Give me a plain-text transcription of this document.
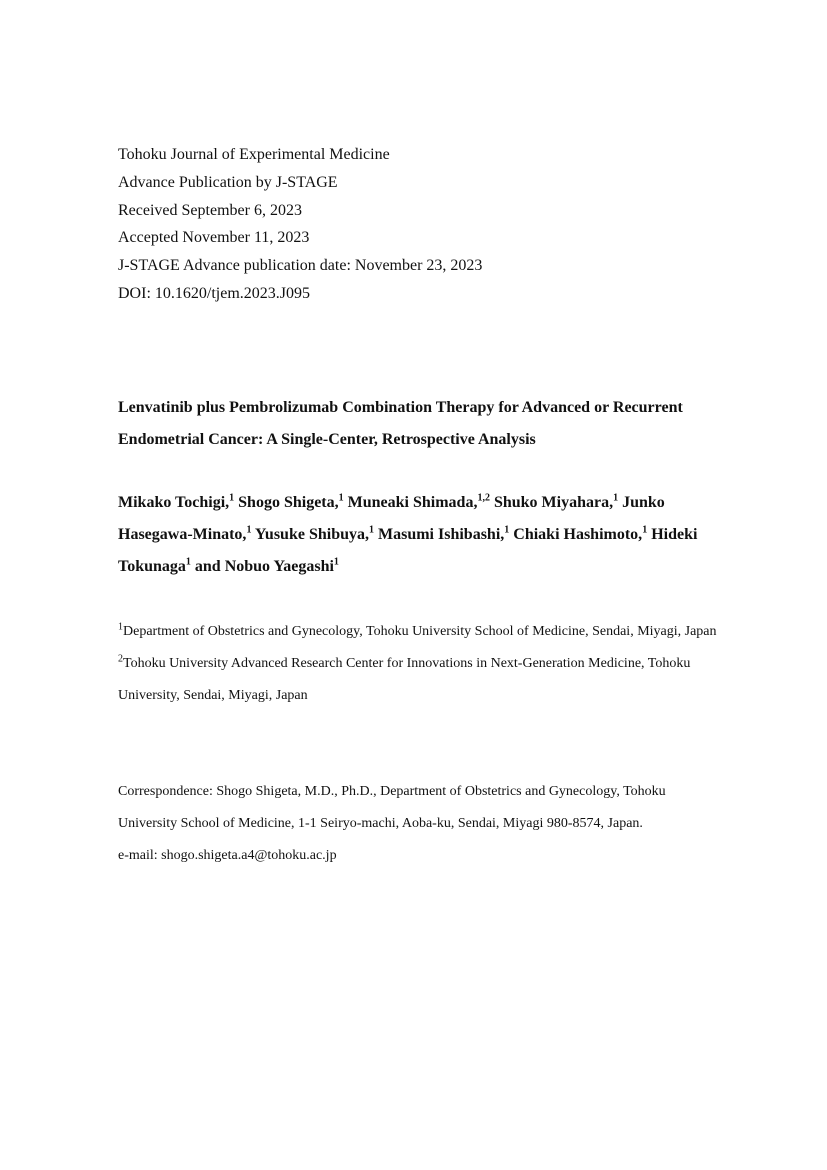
Tohoku Journal of Experimental Medicine
Advance Publication by J-STAGE
Received September 6, 2023
Accepted November 11, 2023
J-STAGE Advance publication date: November 23, 2023
DOI: 10.1620/tjem.2023.J095
Lenvatinib plus Pembrolizumab Combination Therapy for Advanced or Recurrent Endometrial Cancer: A Single-Center, Retrospective Analysis
Mikako Tochigi,$^1$ Shogo Shigeta,$^1$ Muneaki Shimada,$^{1,2}$ Shuko Miyahara,$^1$ Junko Hasegawa-Minato,$^1$ Yusuke Shibuya,$^1$ Masumi Ishibashi,$^1$ Chiaki Hashimoto,$^1$ Hideki Tokunaga$^1$ and Nobuo Yaegashi$^1$
$^1$Department of Obstetrics and Gynecology, Tohoku University School of Medicine, Sendai, Miyagi, Japan
$^2$Tohoku University Advanced Research Center for Innovations in Next-Generation Medicine, Tohoku University, Sendai, Miyagi, Japan
Correspondence: Shogo Shigeta, M.D., Ph.D., Department of Obstetrics and Gynecology, Tohoku University School of Medicine, 1-1 Seiryo-machi, Aoba-ku, Sendai, Miyagi 980-8574, Japan.
e-mail: shogo.shigeta.a4@tohoku.ac.jp
